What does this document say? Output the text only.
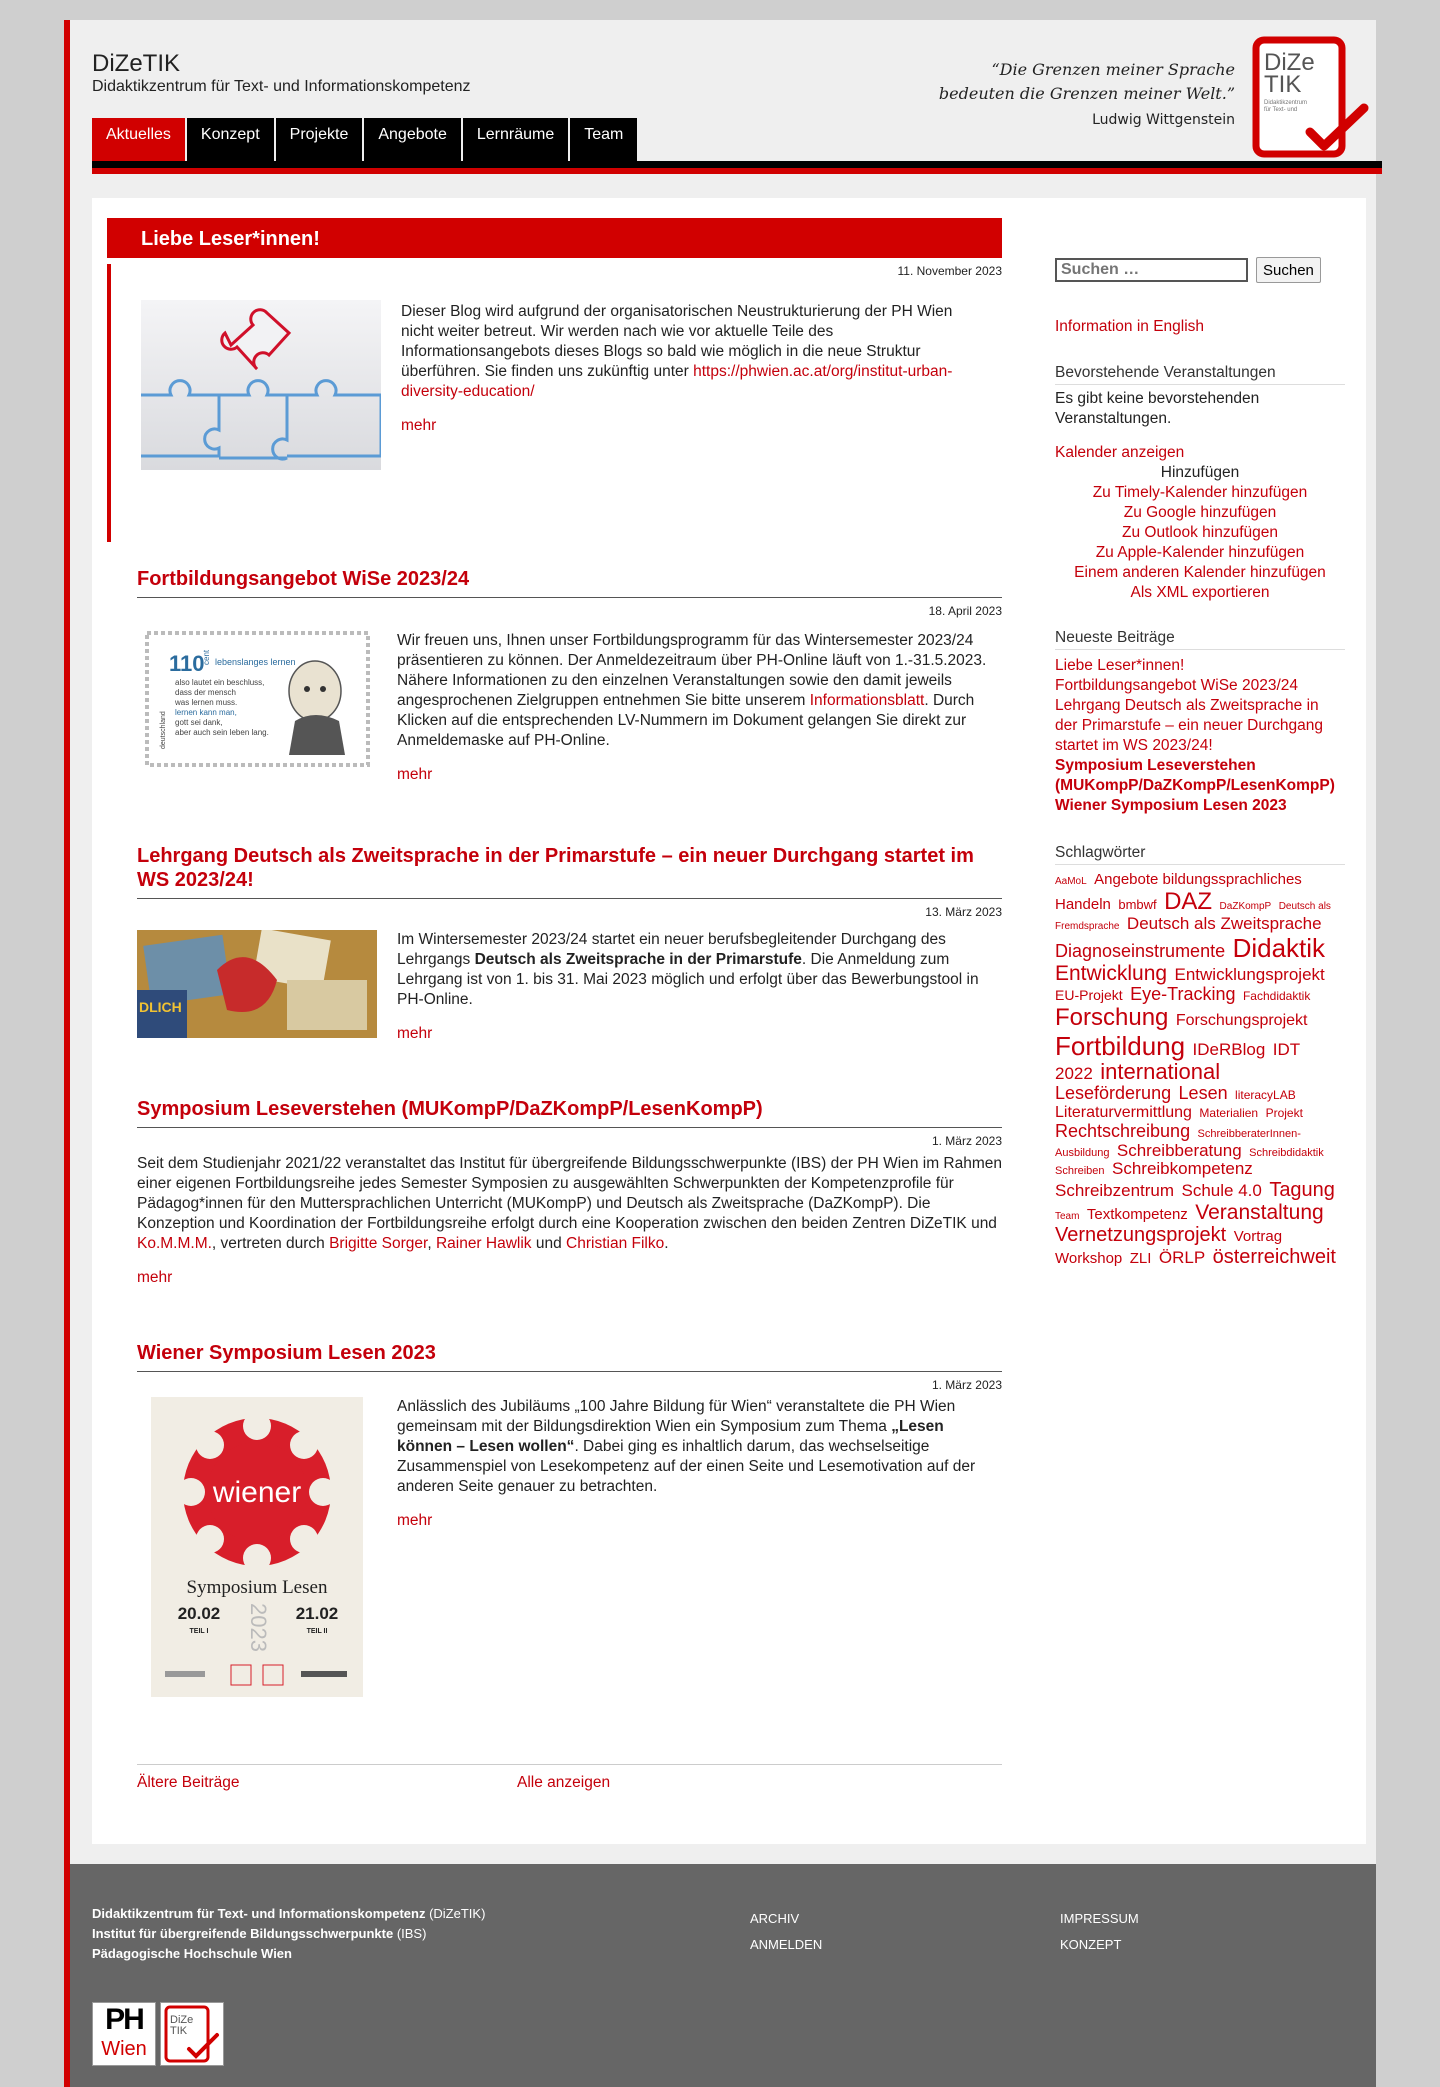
DiZeTIK
Didaktikzentrum für Text- und Informationskompetenz
“Die Grenzen meiner Sprache bedeuten die Grenzen meiner Welt.”
Ludwig Wittgenstein
DiZe
TIK
Didaktikzentrum
für Text- und
Aktuelles	Konzept	Projekte	Angebote	Lernräume	Team
Liebe Leser*innen!
11. November 2023
Dieser Blog wird aufgrund der organisatorischen Neustrukturierung der PH Wien nicht weiter betreut. Wir werden nach wie vor aktuelle Teile des Informationsangebots dieses Blogs so bald wie möglich in die neue Struktur überführen. Sie finden uns zukünftig unter https://phwien.ac.at/org/institut-urban-diversity-education/
mehr
Fortbildungsangebot WiSe 2023/24
18. April 2023
110
cent lebenslanges lernen
also lautet ein beschluss,
dass der mensch
was lernen muss.
lernen kann man,
gott sei dank,
aber auch sein leben lang.
deutschland
Wir freuen uns, Ihnen unser Fortbildungsprogramm für das Wintersemester 2023/24 präsentieren zu können. Der Anmeldezeitraum über PH-Online läuft von 1.-31.5.2023. Nähere Informationen zu den einzelnen Veranstaltungen sowie den damit jeweils angesprochenen Zielgruppen entnehmen Sie bitte unserem Informationsblatt. Durch Klicken auf die entsprechenden LV-Nummern im Dokument gelangen Sie direkt zur Anmeldemaske auf PH-Online.
mehr
Lehrgang Deutsch als Zweitsprache in der Primarstufe – ein neuer Durchgang startet im WS 2023/24!
13. März 2023
DLICH
Im Wintersemester 2023/24 startet ein neuer berufsbegleitender Durchgang des Lehrgangs Deutsch als Zweitsprache in der Primarstufe. Die Anmeldung zum Lehrgang ist von 1. bis 31. Mai 2023 möglich und erfolgt über das Bewerbungstool in PH-Online.
mehr
Symposium Leseverstehen (MUKompP/DaZKompP/LesenKompP)
1. März 2023
Seit dem Studienjahr 2021/22 veranstaltet das Institut für übergreifende Bildungsschwerpunkte (IBS) der PH Wien im Rahmen einer eigenen Fortbildungsreihe jedes Semester Symposien zu ausgewählten Schwerpunkten der Kompetenzprofile für Pädagog*innen für den Muttersprachlichen Unterricht (MUKompP) und Deutsch als Zweitsprache (DaZKompP). Die Konzeption und Koordination der Fortbildungsreihe erfolgt durch eine Kooperation zwischen den beiden Zentren DiZeTIK und Ko.M.M.M., vertreten durch Brigitte Sorger, Rainer Hawlik und Christian Filko.
mehr
Wiener Symposium Lesen 2023
1. März 2023
wiener
Symposium Lesen
20.02	21.02
2023
TEIL I	TEIL II
Anlässlich des Jubiläums „100 Jahre Bildung für Wien“ veranstaltete die PH Wien gemeinsam mit der Bildungsdirektion Wien ein Symposium zum Thema „Lesen können – Lesen wollen“. Dabei ging es inhaltlich darum, das wechselseitige Zusammenspiel von Lesekompetenz auf der einen Seite und Lesemotivation auf der anderen Seite genauer zu betrachten.
mehr
Ältere Beiträge	Alle anzeigen
Suchen …
Suchen
Information in English
Bevorstehende Veranstaltungen
Es gibt keine bevorstehenden Veranstaltungen.
Kalender anzeigen
Hinzufügen
Zu Timely-Kalender hinzufügen
Zu Google hinzufügen
Zu Outlook hinzufügen
Zu Apple-Kalender hinzufügen
Einem anderen Kalender hinzufügen
Als XML exportieren
Neueste Beiträge
Liebe Leser*innen!
Fortbildungsangebot WiSe 2023/24
Lehrgang Deutsch als Zweitsprache in der Primarstufe – ein neuer Durchgang startet im WS 2023/24!
Symposium Leseverstehen (MUKompP/DaZKompP/LesenKompP)
Wiener Symposium Lesen 2023
Schlagwörter
AaMoL Angebote bildungssprachliches Handeln bmbwf DAZ DaZKompP Deutsch als Fremdsprache Deutsch als Zweitsprache Diagnoseinstrumente Didaktik Entwicklung Entwicklungsprojekt EU-Projekt Eye-Tracking Fachdidaktik Forschung Forschungsprojekt Fortbildung IDeRBlog IDT 2022 international Leseförderung Lesen literacyLAB Literaturvermittlung Materialien Projekt Rechtschreibung SchreibberaterInnen-Ausbildung Schreibberatung Schreibdidaktik Schreiben Schreibkompetenz Schreibzentrum Schule 4.0 Tagung Team Textkompetenz Veranstaltung Vernetzungsprojekt Vortrag Workshop ZLI ÖRLP österreichweit
Didaktikzentrum für Text- und Informationskompetenz (DiZeTIK)
Institut für übergreifende Bildungsschwerpunkte (IBS)
Pädagogische Hochschule Wien
ARCHIV
ANMELDEN
IMPRESSUM
KONZEPT
PH
Wien
DiZe
TIK
